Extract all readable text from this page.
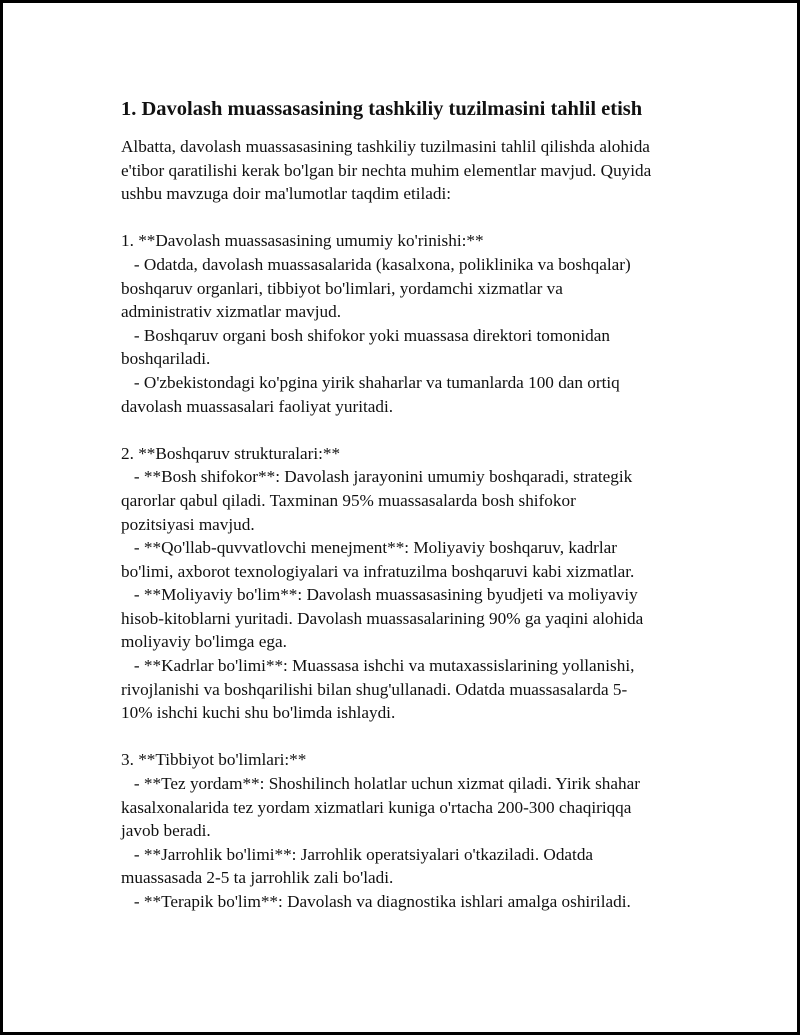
1. Davolash muassasasining tashkiliy tuzilmasini tahlil etish
Albatta, davolash muassasasining tashkiliy tuzilmasini tahlil qilishda alohida
e'tibor qaratilishi kerak bo'lgan bir nechta muhim elementlar mavjud. Quyida
ushbu mavzuga doir ma'lumotlar taqdim etiladi:
1. **Davolash muassasasining umumiy ko'rinishi:**
- Odatda, davolash muassasalarida (kasalxona, poliklinika va boshqalar)
boshqaruv organlari, tibbiyot bo'limlari, yordamchi xizmatlar va
administrativ xizmatlar mavjud.
- Boshqaruv organi bosh shifokor yoki muassasa direktori tomonidan
boshqariladi.
- O'zbekistondagi ko'pgina yirik shaharlar va tumanlarda 100 dan ortiq
davolash muassasalari faoliyat yuritadi.
2. **Boshqaruv strukturalari:**
- **Bosh shifokor**: Davolash jarayonini umumiy boshqaradi, strategik
qarorlar qabul qiladi. Taxminan 95% muassasalarda bosh shifokor
pozitsiyasi mavjud.
- **Qo'llab-quvvatlovchi menejment**: Moliyaviy boshqaruv, kadrlar
bo'limi, axborot texnologiyalari va infratuzilma boshqaruvi kabi xizmatlar.
- **Moliyaviy bo'lim**: Davolash muassasasining byudjeti va moliyaviy
hisob-kitoblarni yuritadi. Davolash muassasalarining 90% ga yaqini alohida
moliyaviy bo'limga ega.
- **Kadrlar bo'limi**: Muassasa ishchi va mutaxassislarining yollanishi,
rivojlanishi va boshqarilishi bilan shug'ullanadi. Odatda muassasalarda 5-
10% ishchi kuchi shu bo'limda ishlaydi.
3. **Tibbiyot bo'limlari:**
- **Tez yordam**: Shoshilinch holatlar uchun xizmat qiladi. Yirik shahar
kasalxonalarida tez yordam xizmatlari kuniga o'rtacha 200-300 chaqiriqqa
javob beradi.
- **Jarrohlik bo'limi**: Jarrohlik operatsiyalari o'tkaziladi. Odatda
muassasada 2-5 ta jarrohlik zali bo'ladi.
- **Terapik bo'lim**: Davolash va diagnostika ishlari amalga oshiriladi.
